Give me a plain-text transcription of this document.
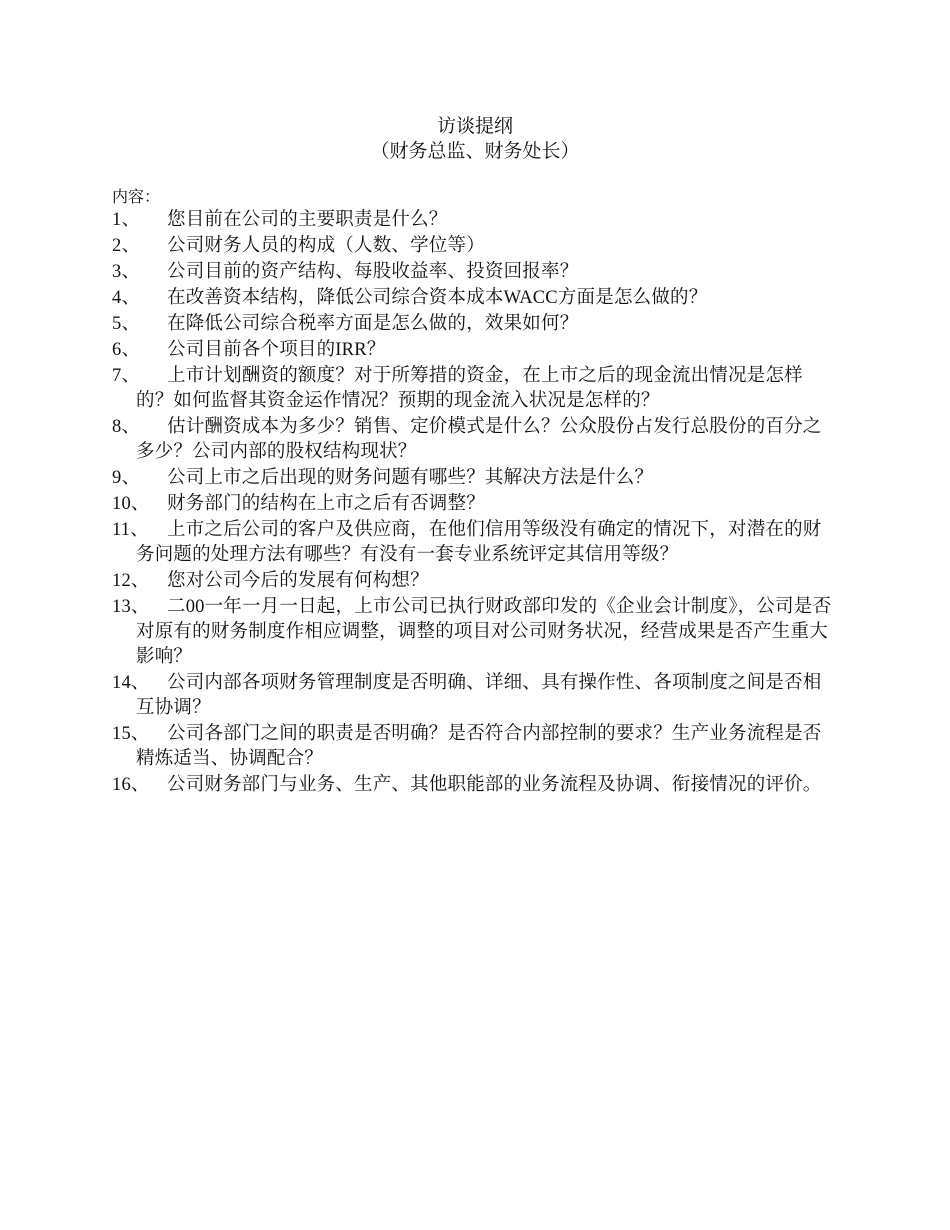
访谈提纲
（财务总监、财务处长）
内容：
1、	您目前在公司的主要职责是什么？
2、	公司财务人员的构成（人数、学位等）
3、	公司目前的资产结构、每股收益率、投资回报率？
4、	在改善资本结构，降低公司综合资本成本WACC方面是怎么做的？
5、	在降低公司综合税率方面是怎么做的，效果如何？
6、	公司目前各个项目的IRR？
7、	上市计划酬资的额度？对于所筹措的资金，在上市之后的现金流出情况是怎样的？如何监督其资金运作情况？预期的现金流入状况是怎样的？
8、	估计酬资成本为多少？销售、定价模式是什么？公众股份占发行总股份的百分之多少？公司内部的股权结构现状？
9、	公司上市之后出现的财务问题有哪些？其解决方法是什么？
10、 财务部门的结构在上市之后有否调整？
11、 上市之后公司的客户及供应商，在他们信用等级没有确定的情况下，对潜在的财务问题的处理方法有哪些？有没有一套专业系统评定其信用等级？
12、 您对公司今后的发展有何构想？
13、 二00一年一月一日起，上市公司已执行财政部印发的《企业会计制度》，公司是否对原有的财务制度作相应调整，调整的项目对公司财务状况，经营成果是否产生重大影响？
14、 公司内部各项财务管理制度是否明确、详细、具有操作性、各项制度之间是否相互协调？
15、 公司各部门之间的职责是否明确？是否符合内部控制的要求？生产业务流程是否精炼适当、协调配合？
16、 公司财务部门与业务、生产、其他职能部的业务流程及协调、衔接情况的评价。
